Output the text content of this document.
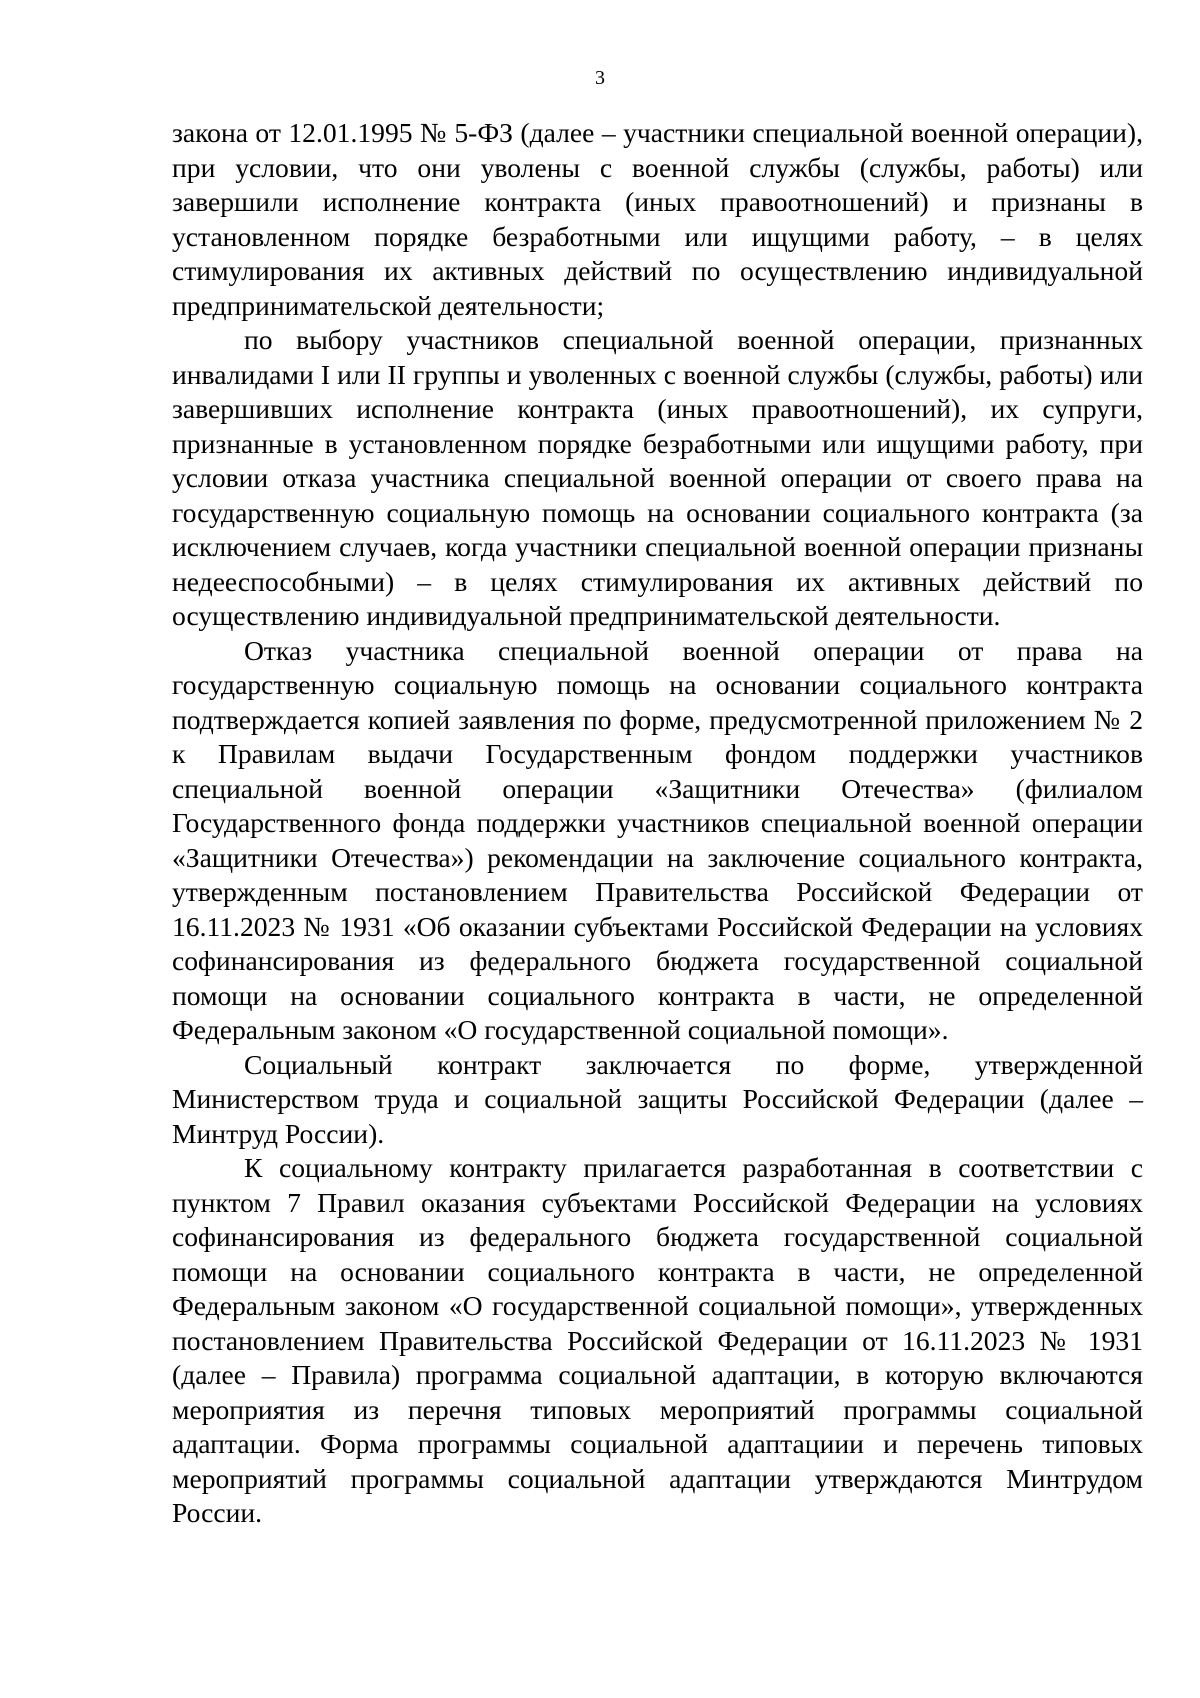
3

закона от 12.01.1995 № 5-ФЗ (далее – участники специальной военной операции), при условии, что они уволены с военной службы (службы, работы) или завершили исполнение контракта (иных правоотношений) и признаны в установленном порядке безработными или ищущими работу, – в целях стимулирования их активных действий по осуществлению индивидуальной предпринимательской деятельности;

по выбору участников специальной военной операции, признанных инвалидами I или II группы и уволенных с военной службы (службы, работы) или завершивших исполнение контракта (иных правоотношений), их супруги, признанные в установленном порядке безработными или ищущими работу, при условии отказа участника специальной военной операции от своего права на государственную социальную помощь на основании социального контракта (за исключением случаев, когда участники специальной военной операции признаны недееспособными) – в целях стимулирования их активных действий по осуществлению индивидуальной предпринимательской деятельности.

Отказ участника специальной военной операции от права на государственную социальную помощь на основании социального контракта подтверждается копией заявления по форме, предусмотренной приложением № 2 к Правилам выдачи Государственным фондом поддержки участников специальной военной операции «Защитники Отечества» (филиалом Государственного фонда поддержки участников специальной военной операции «Защитники Отечества») рекомендации на заключение социального контракта, утвержденным постановлением Правительства Российской Федерации от 16.11.2023 № 1931 «Об оказании субъектами Российской Федерации на условиях софинансирования из федерального бюджета государственной социальной помощи на основании социального контракта в части, не определенной Федеральным законом «О государственной социальной помощи».

Социальный контракт заключается по форме, утвержденной Министерством труда и социальной защиты Российской Федерации (далее – Минтруд России).

К социальному контракту прилагается разработанная в соответствии с пунктом 7 Правил оказания субъектами Российской Федерации на условиях софинансирования из федерального бюджета государственной социальной помощи на основании социального контракта в части, не определенной Федеральным законом «О государственной социальной помощи», утвержденных постановлением Правительства Российской Федерации от 16.11.2023 № 1931 (далее – Правила) программа социальной адаптации, в которую включаются мероприятия из перечня типовых мероприятий программы социальной адаптации. Форма программы социальной адаптациии и перечень типовых мероприятий программы социальной адаптации утверждаются Минтрудом России.
